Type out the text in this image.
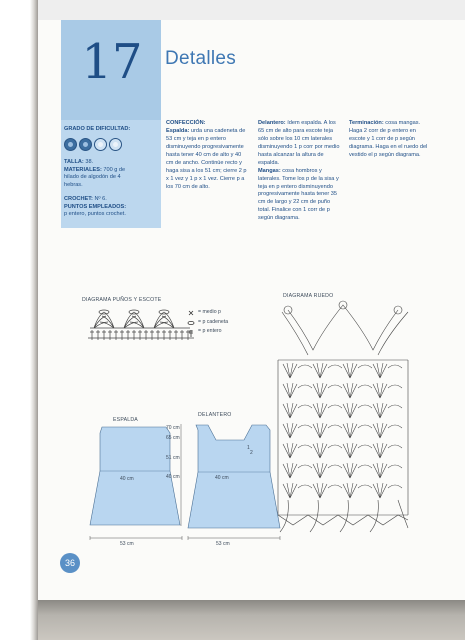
17	Detalles
GRADO DE DIFICULTAD:
TALLA: 38.
MATERIALES: 700 g de hilado de algodón de 4 hebras.
CROCHET: Nº 6.
PUNTOS EMPLEADOS:
p entero, puntos crochet.
CONFECCIÓN:

Espalda: urda una cadeneta de 53 cm y teja en p entero disminuyendo progresivamente hasta tener 40 cm de alto y 40 cm de ancho. Continúe recto y haga sisa a los 51 cm; cierre 2 p x 1 vez y 1 p x 1 vez. Cierre p a los 70 cm de alto.

Delantero: ídem espalda. A los 65 cm de alto para escote teja sólo sobre los 10 cm laterales disminuyendo 1 p corr por medio hasta alcanzar la altura de espalda.

Mangas: cosa hombros y laterales. Tome los p de la sisa y teja en p entero disminuyendo progresivamente hasta tener 35 cm de largo y 22 cm de puño total. Finalice con 1 corr de p según diagrama.

Terminación: cosa mangas. Haga 2 corr de p entero en escote y 1 corr de p según diagrama. Haga en el ruedo del vestido el p según diagrama.

DIAGRAMA PUÑOS Y ESCOTE
= medio p
= p cadeneta
= p entero
DIAGRAMA RUEDO
ESPALDA
DELANTERO
40 cm
53 cm
70 cm
65 cm
51 cm
40 cm	40 cm
1
2
53 cm
36
